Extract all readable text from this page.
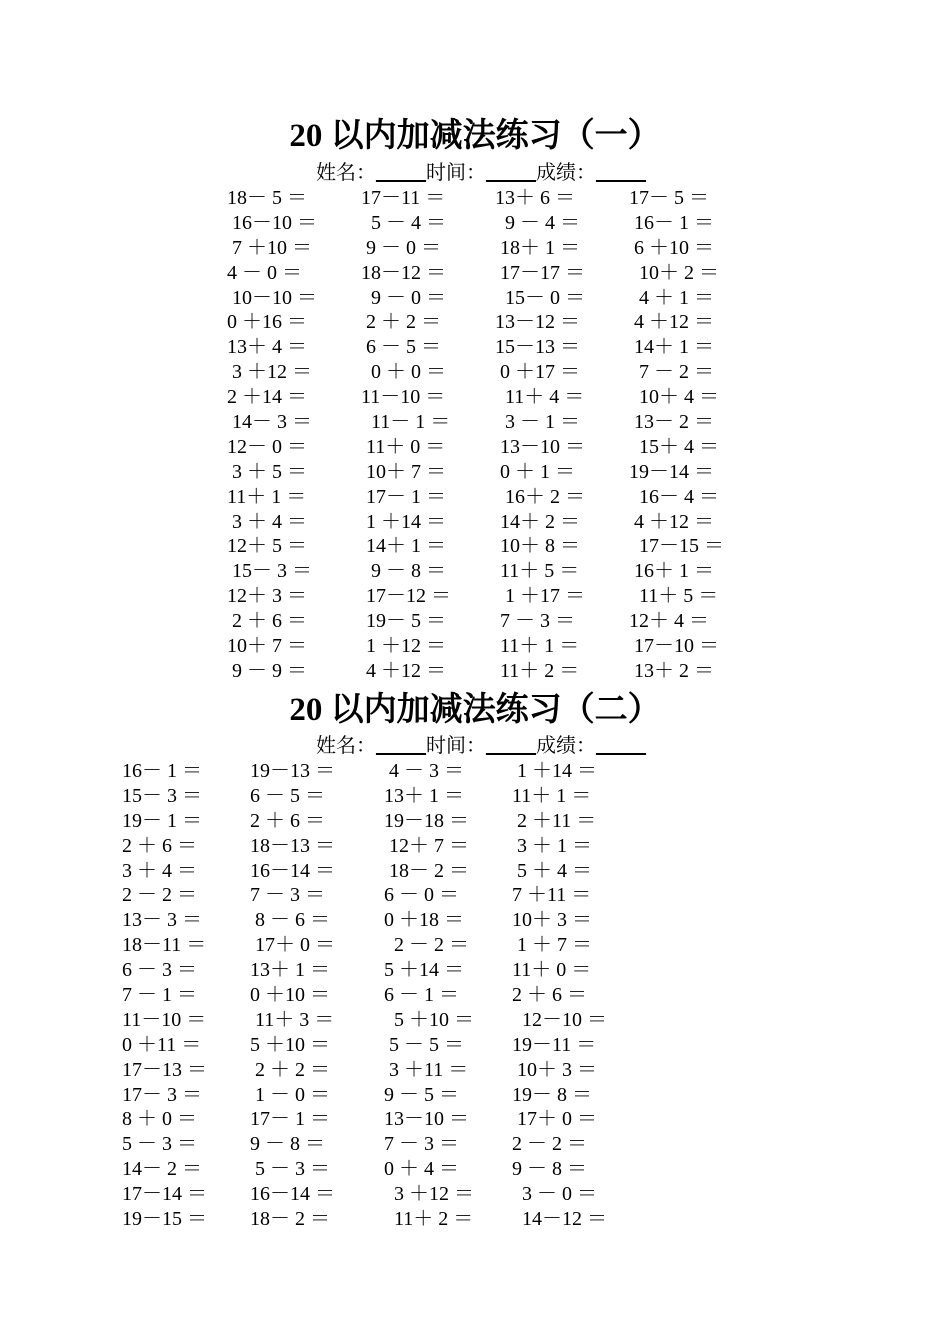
20 以内加减法练习（一）
姓名：_____时间：_____成绩：_____
18－ 5 ＝	17－11 ＝ 13＋ 6 ＝	17－ 5 ＝
16－10 ＝ 5 － 4 ＝ 9 － 4 ＝ 16－ 1 ＝
7 ＋10 ＝ 9 － 0 ＝	18＋ 1 ＝ 6 ＋10 ＝
4 － 0 ＝	18－12 ＝ 17－17 ＝ 10＋ 2 ＝
10－10 ＝ 9 － 0 ＝ 15－ 0 ＝ 4 ＋ 1 ＝
0 ＋16 ＝	2 ＋ 2 ＝	13－12 ＝ 4 ＋12 ＝
13＋ 4 ＝	6 － 5 ＝	15－13 ＝ 14＋ 1 ＝
3 ＋12 ＝ 0 ＋ 0 ＝ 0 ＋17 ＝ 7 － 2 ＝
2 ＋14 ＝	11－10 ＝ 11＋ 4 ＝ 10＋ 4 ＝
14－ 3 ＝ 11－ 1 ＝ 3 － 1 ＝ 13－ 2 ＝
12－ 0 ＝	11＋ 0 ＝ 13－10 ＝ 15＋ 4 ＝
3 ＋ 5 ＝	10＋ 7 ＝ 0 ＋ 1 ＝	19－14 ＝
11＋ 1 ＝	17－ 1 ＝ 16＋ 2 ＝ 16－ 4 ＝
3 ＋ 4 ＝	1 ＋14 ＝ 14＋ 2 ＝ 4 ＋12 ＝
12＋ 5 ＝	14＋ 1 ＝ 10＋ 8 ＝ 17－15 ＝
15－ 3 ＝ 9 － 8 ＝ 11＋ 5 ＝ 16＋ 1 ＝
12＋ 3 ＝	17－12 ＝ 1 ＋17 ＝ 11＋ 5 ＝
2 ＋ 6 ＝	19－ 5 ＝ 7 － 3 ＝	12＋ 4 ＝
10＋ 7 ＝	1 ＋12 ＝ 11＋ 1 ＝ 17－10 ＝
9 － 9 ＝	4 ＋12 ＝ 11＋ 2 ＝ 13＋ 2 ＝
20 以内加减法练习（二）
姓名：_____时间：_____成绩：_____
16－ 1 ＝ 19－13 ＝ 4 － 3 ＝ 1 ＋14 ＝
15－ 3 ＝ 6 － 5 ＝	13＋ 1 ＝ 11＋ 1 ＝
19－ 1 ＝ 2 ＋ 6 ＝	19－18 ＝ 2 ＋11 ＝
2 ＋ 6 ＝	18－13 ＝ 12＋ 7 ＝ 3 ＋ 1 ＝
3 ＋ 4 ＝	16－14 ＝ 18－ 2 ＝ 5 ＋ 4 ＝
2 － 2 ＝	7 － 3 ＝	6 － 0 ＝	7 ＋11 ＝
13－ 3 ＝ 8 － 6 ＝	0 ＋18 ＝ 10＋ 3 ＝
18－11 ＝ 17＋ 0 ＝ 2 － 2 ＝ 1 ＋ 7 ＝
6 － 3 ＝	13＋ 1 ＝	5 ＋14 ＝ 11＋ 0 ＝
7 － 1 ＝	0 ＋10 ＝	6 － 1 ＝	2 ＋ 6 ＝
11－10 ＝ 11＋ 3 ＝ 5 ＋10 ＝ 12－10 ＝
0 ＋11 ＝ 5 ＋10 ＝	5 － 5 ＝ 19－11 ＝
17－13 ＝ 2 ＋ 2 ＝	3 ＋11 ＝ 10＋ 3 ＝
17－ 3 ＝ 1 － 0 ＝	9 － 5 ＝	19－ 8 ＝
8 ＋ 0 ＝	17－ 1 ＝	13－10 ＝ 17＋ 0 ＝
5 － 3 ＝	9 － 8 ＝	7 － 3 ＝	2 － 2 ＝
14－ 2 ＝ 5 － 3 ＝	0 ＋ 4 ＝	9 － 8 ＝
17－14 ＝ 16－14 ＝ 3 ＋12 ＝ 3 － 0 ＝
19－15 ＝ 18－ 2 ＝	11＋ 2 ＝ 14－12 ＝
